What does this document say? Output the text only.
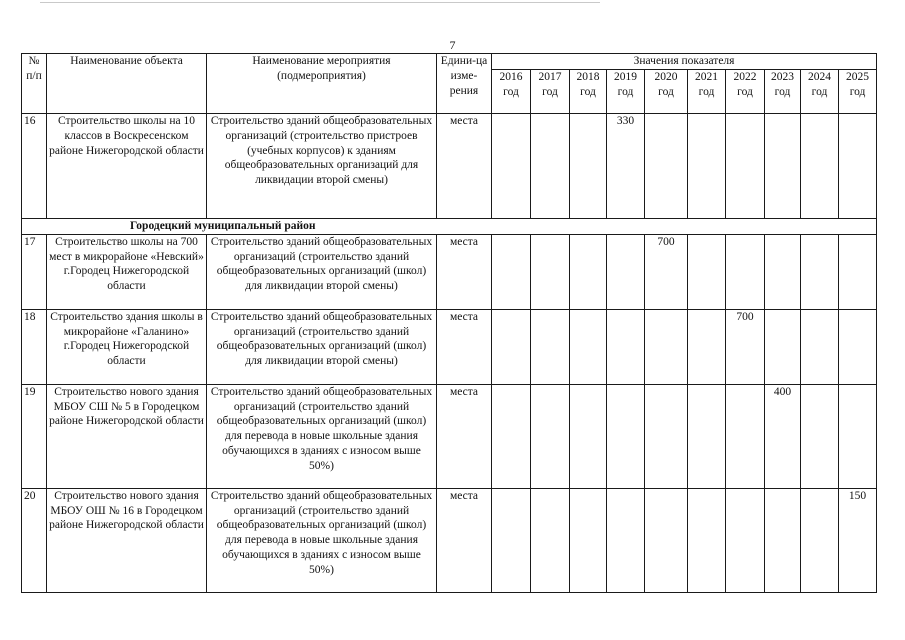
7
№ п/п	Наименование объекта	Наименование мероприятия (подмероприятия)	Едини-ца изме-рения	Значения показателя									
				2016 год	2017 год	2018 год	2019 год	2020 год	2021 год	2022 год	2023 год	2024 год	2025 год
16	Строительство школы на 10 классов в Воскресенском районе Нижегородской области	Строительство зданий общеобразовательных организаций (строительство пристроев (учебных корпусов) к зданиям общеобразовательных организаций для ликвидации второй смены)	места				330						
Городецкий муниципальный район													
17	Строительство школы на 700 мест в микрорайоне «Невский» г.Городец Нижегородской области	Строительство зданий общеобразовательных организаций (строительство зданий общеобразовательных организаций (школ) для ликвидации второй смены)	места					700					
18	Строительство здания школы в микрорайоне «Галанино» г.Городец Нижегородской области	Строительство зданий общеобразовательных организаций (строительство зданий общеобразовательных организаций (школ) для ликвидации второй смены)	места							700			
19	Строительство нового здания МБОУ СШ № 5 в Городецком районе Нижегородской области	Строительство зданий общеобразовательных организаций (строительство зданий общеобразовательных организаций (школ) для перевода в новые школьные здания обучающихся в зданиях с износом выше 50%)	места								400		
20	Строительство нового здания МБОУ ОШ № 16 в Городецком районе Нижегородской области	Строительство зданий общеобразовательных организаций (строительство зданий общеобразовательных организаций (школ) для перевода в новые школьные здания обучающихся в зданиях с износом выше 50%)	места										150
